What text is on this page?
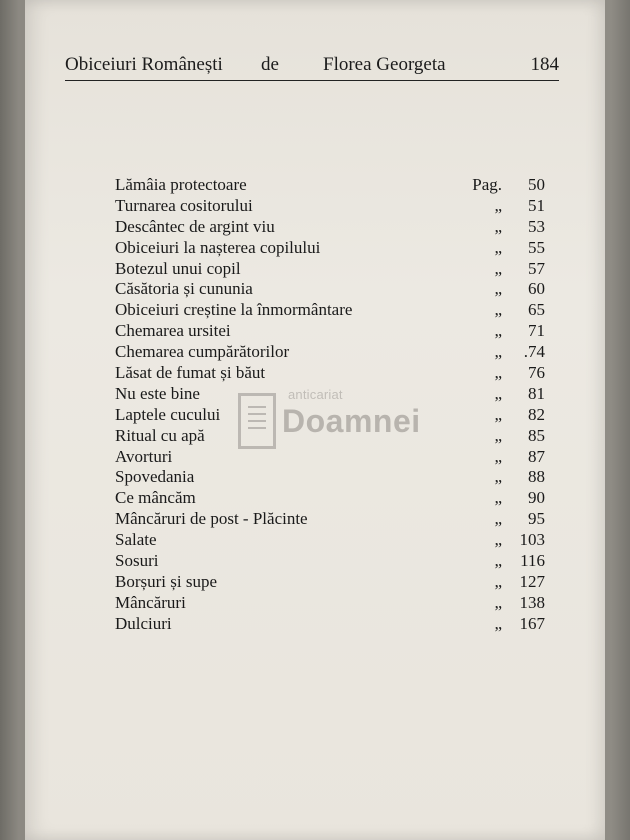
Obiceiuri Românești de Florea Georgeta	184
Lămâia protectoare	Pag. 50
Turnarea cositorului	„ 51
Descântec de argint viu	„ 53
Obiceiuri la nașterea copilului	„ 55
Botezul unui copil	„ 57
Căsătoria și cununia	„ 60
Obiceiuri creștine la înmormântare	„ 65
Chemarea ursitei	„ 71
Chemarea cumpărătorilor	„ .74
Lăsat de fumat și băut	„ 76
Nu este bine	„ 81
Laptele cucului	„ 82
Ritual cu apă	„ 85
Avorturi	„ 87
Spovedania	„ 88
Ce mâncăm	„ 90
Mâncăruri de post - Plăcinte	„ 95
Salate	„ 103
Sosuri	„ 116
Borșuri și supe	„ 127
Mâncăruri	„ 138
Dulciuri	„ 167
anticariat
Doamnei
